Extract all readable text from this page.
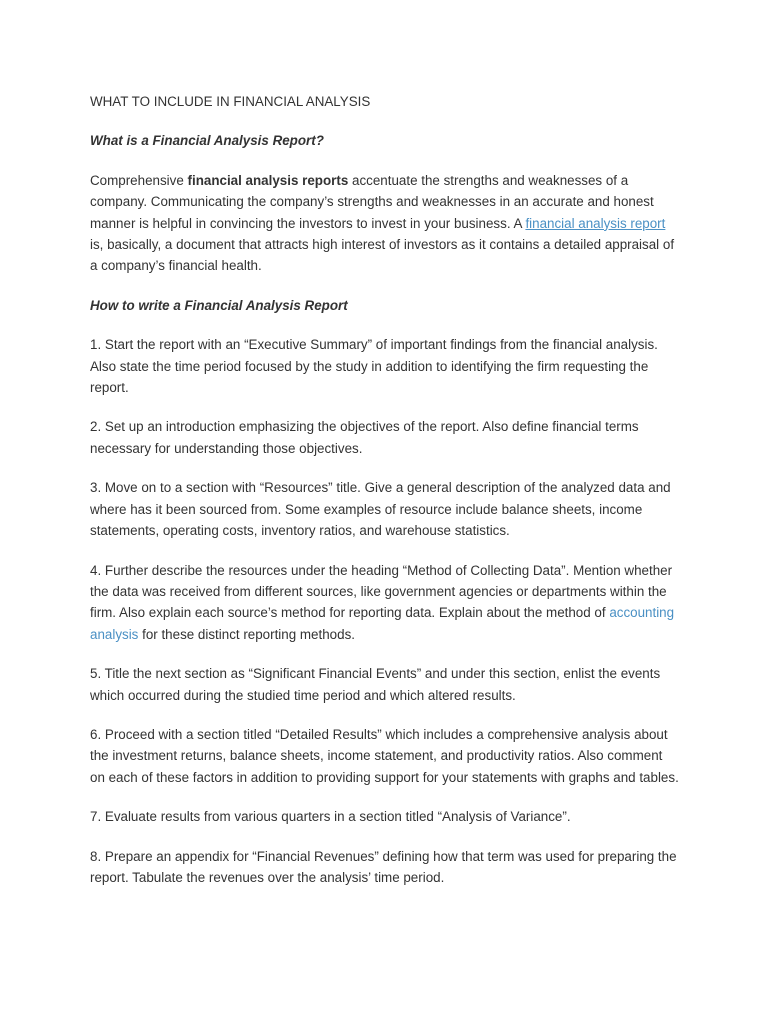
WHAT TO INCLUDE IN FINANCIAL ANALYSIS
What is a Financial Analysis Report?

Comprehensive financial analysis reports accentuate the strengths and weaknesses of a company. Communicating the company’s strengths and weaknesses in an accurate and honest manner is helpful in convincing the investors to invest in your business. A financial analysis report is, basically, a document that attracts high interest of investors as it contains a detailed appraisal of a company’s financial health.

How to write a Financial Analysis Report

1. Start the report with an “Executive Summary” of important findings from the financial analysis. Also state the time period focused by the study in addition to identifying the firm requesting the report.

2. Set up an introduction emphasizing the objectives of the report. Also define financial terms necessary for understanding those objectives.

3. Move on to a section with “Resources” title. Give a general description of the analyzed data and where has it been sourced from. Some examples of resource include balance sheets, income statements, operating costs, inventory ratios, and warehouse statistics.

4. Further describe the resources under the heading “Method of Collecting Data”. Mention whether the data was received from different sources, like government agencies or departments within the firm. Also explain each source’s method for reporting data. Explain about the method of accounting analysis for these distinct reporting methods.

5. Title the next section as “Significant Financial Events” and under this section, enlist the events which occurred during the studied time period and which altered results.

6. Proceed with a section titled “Detailed Results” which includes a comprehensive analysis about the investment returns, balance sheets, income statement, and productivity ratios. Also comment on each of these factors in addition to providing support for your statements with graphs and tables.

7. Evaluate results from various quarters in a section titled “Analysis of Variance”.

8. Prepare an appendix for “Financial Revenues” defining how that term was used for preparing the report. Tabulate the revenues over the analysis’ time period.
